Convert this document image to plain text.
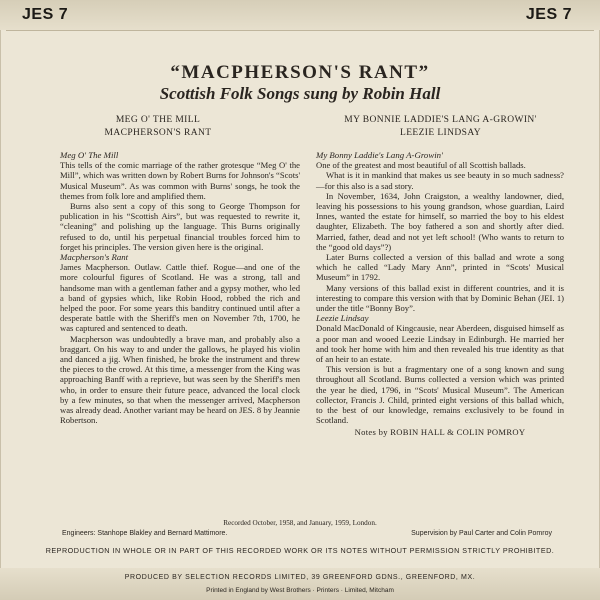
JES 7	JES 7
“MACPHERSON'S RANT”
Scottish Folk Songs sung by Robin Hall
MEG O' THE MILL
MACPHERSON'S RANT
MY BONNIE LADDIE'S LANG A-GROWIN'
LEEZIE LINDSAY
Meg O' The Mill

This tells of the comic marriage of the rather grotesque “Meg O' the Mill”, which was written down by Robert Burns for Johnson's “Scots' Musical Museum”. As was common with Burns' songs, he took the themes from folk lore and amplified them.

Burns also sent a copy of this song to George Thompson for publication in his “Scottish Airs”, but was requested to rewrite it, “cleaning” and polishing up the language. This Burns originally refused to do, until his perpetual financial troubles forced him to forget his principles. The version given here is the original.

Macpherson's Rant

James Macpherson. Outlaw. Cattle thief. Rogue—and one of the more colourful figures of Scotland. He was a strong, tall and handsome man with a gentleman father and a gypsy mother, who led a band of gypsies which, like Robin Hood, robbed the rich and helped the poor. For some years this banditry continued until after a desperate battle with the Sheriff's men on November 7th, 1700, he was captured and sentenced to death.

Macpherson was undoubtedly a brave man, and probably also a braggart. On his way to and under the gallows, he played his violin and danced a jig. When finished, he broke the instrument and threw the pieces to the crowd. At this time, a messenger from the King was approaching Banff with a reprieve, but was seen by the Sheriff's men who, in order to ensure their future peace, advanced the local clock by a few minutes, so that when the messenger arrived, Macpherson was already dead. Another variant may be heard on JES. 8 by Jeannie Robertson.

My Bonny Laddie's Lang A-Growin'

One of the greatest and most beautiful of all Scottish ballads.

What is it in mankind that makes us see beauty in so much sadness?—for this also is a sad story.

In November, 1634, John Craigston, a wealthy landowner, died, leaving his possessions to his young grandson, whose guardian, Laird Innes, wanted the estate for himself, so married the boy to his eldest daughter, Elizabeth. The boy fathered a son and shortly after died. Married, father, dead and not yet left school! (Who wants to return to the “good old days”?)

Later Burns collected a version of this ballad and wrote a song which he called “Lady Mary Ann”, printed in “Scots' Musical Museum” in 1792.

Many versions of this ballad exist in different countries, and it is interesting to compare this version with that by Dominic Behan (JEI. 1) under the title “Bonny Boy”.

Leezie Lindsay

Donald MacDonald of Kingcausie, near Aberdeen, disguised himself as a poor man and wooed Leezie Lindsay in Edinburgh. He married her and took her home with him and then revealed his true identity as that of an heir to an estate.

This version is but a fragmentary one of a song known and sung throughout all Scotland. Burns collected a version which was printed the year he died, 1796, in “Scots' Musical Museum”. The American collector, Francis J. Child, printed eight versions of this ballad which, to the best of our knowledge, remains exclusively to be found in Scotland.

Notes by ROBIN HALL & COLIN POMROY
Recorded October, 1958, and January, 1959, London.
Engineers: Stanhope Blakley and Bernard Mattimore.	Supervision by Paul Carter and Colin Pomroy
REPRODUCTION IN WHOLE OR IN PART OF THIS RECORDED WORK OR ITS NOTES WITHOUT PERMISSION STRICTLY PROHIBITED.
PRODUCED BY SELECTION RECORDS LIMITED, 39 GREENFORD GDNS., GREENFORD, MX.
Printed in England by West Brothers · Printers · Limited, Mitcham
